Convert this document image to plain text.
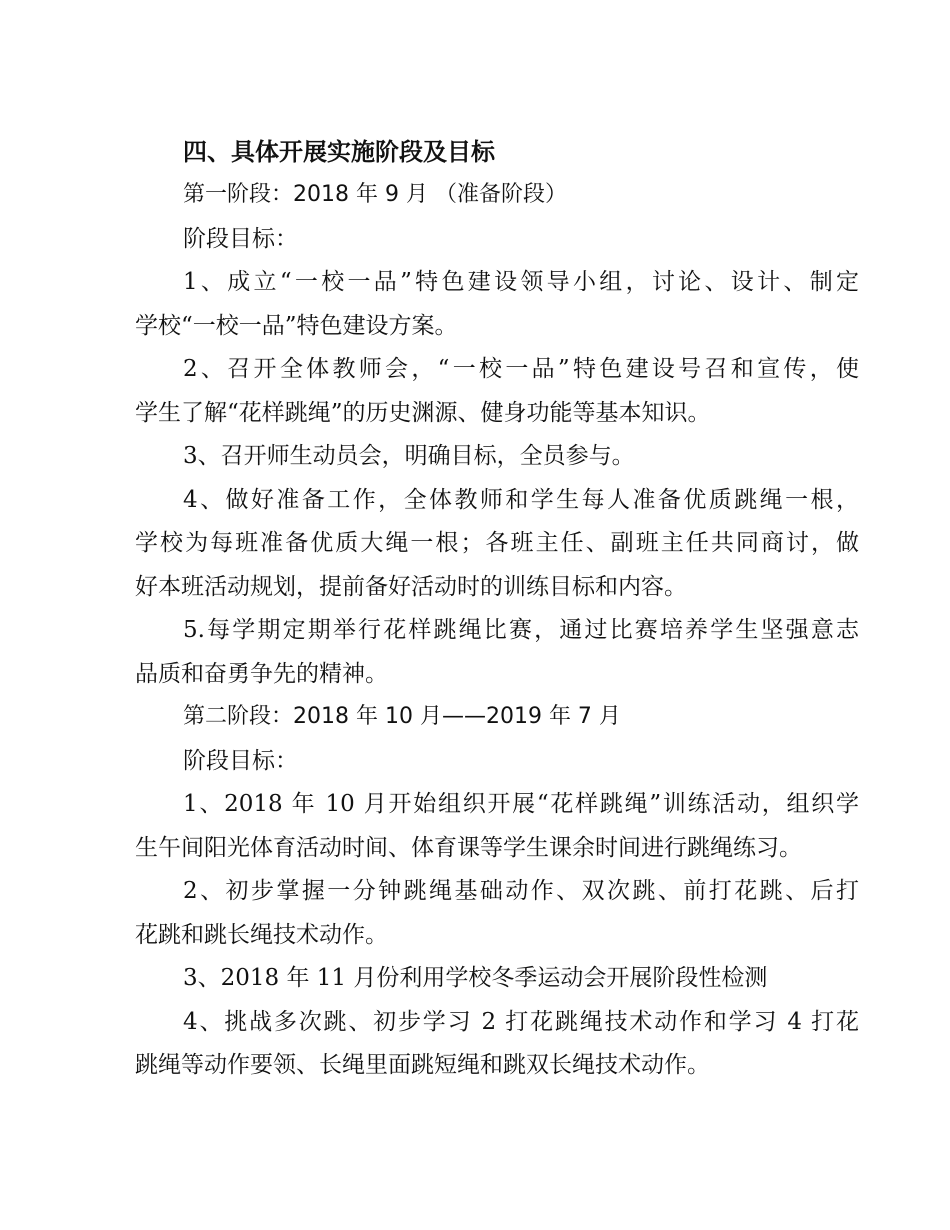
四、具体开展实施阶段及目标

第一阶段：2018 年 9 月 （准备阶段）

阶段目标：

1、成立“一校一品”特色建设领导小组，讨论、设计、制定

学校“一校一品”特色建设方案。

2、召开全体教师会，“一校一品”特色建设号召和宣传，使

学生了解“花样跳绳”的历史渊源、健身功能等基本知识。

3、召开师生动员会，明确目标，全员参与。

4、做好准备工作，全体教师和学生每人准备优质跳绳一根，

学校为每班准备优质大绳一根；各班主任、副班主任共同商讨，做

好本班活动规划，提前备好活动时的训练目标和内容。

5.每学期定期举行花样跳绳比赛，通过比赛培养学生坚强意志

品质和奋勇争先的精神。

第二阶段：2018 年 10 月——2019 年 7 月

阶段目标：

1、2018 年 10 月开始组织开展“花样跳绳”训练活动，组织学

生午间阳光体育活动时间、体育课等学生课余时间进行跳绳练习。

2、初步掌握一分钟跳绳基础动作、双次跳、前打花跳、后打

花跳和跳长绳技术动作。

3、2018 年 11 月份利用学校冬季运动会开展阶段性检测

4、挑战多次跳、初步学习 2 打花跳绳技术动作和学习 4 打花

跳绳等动作要领、长绳里面跳短绳和跳双长绳技术动作。
